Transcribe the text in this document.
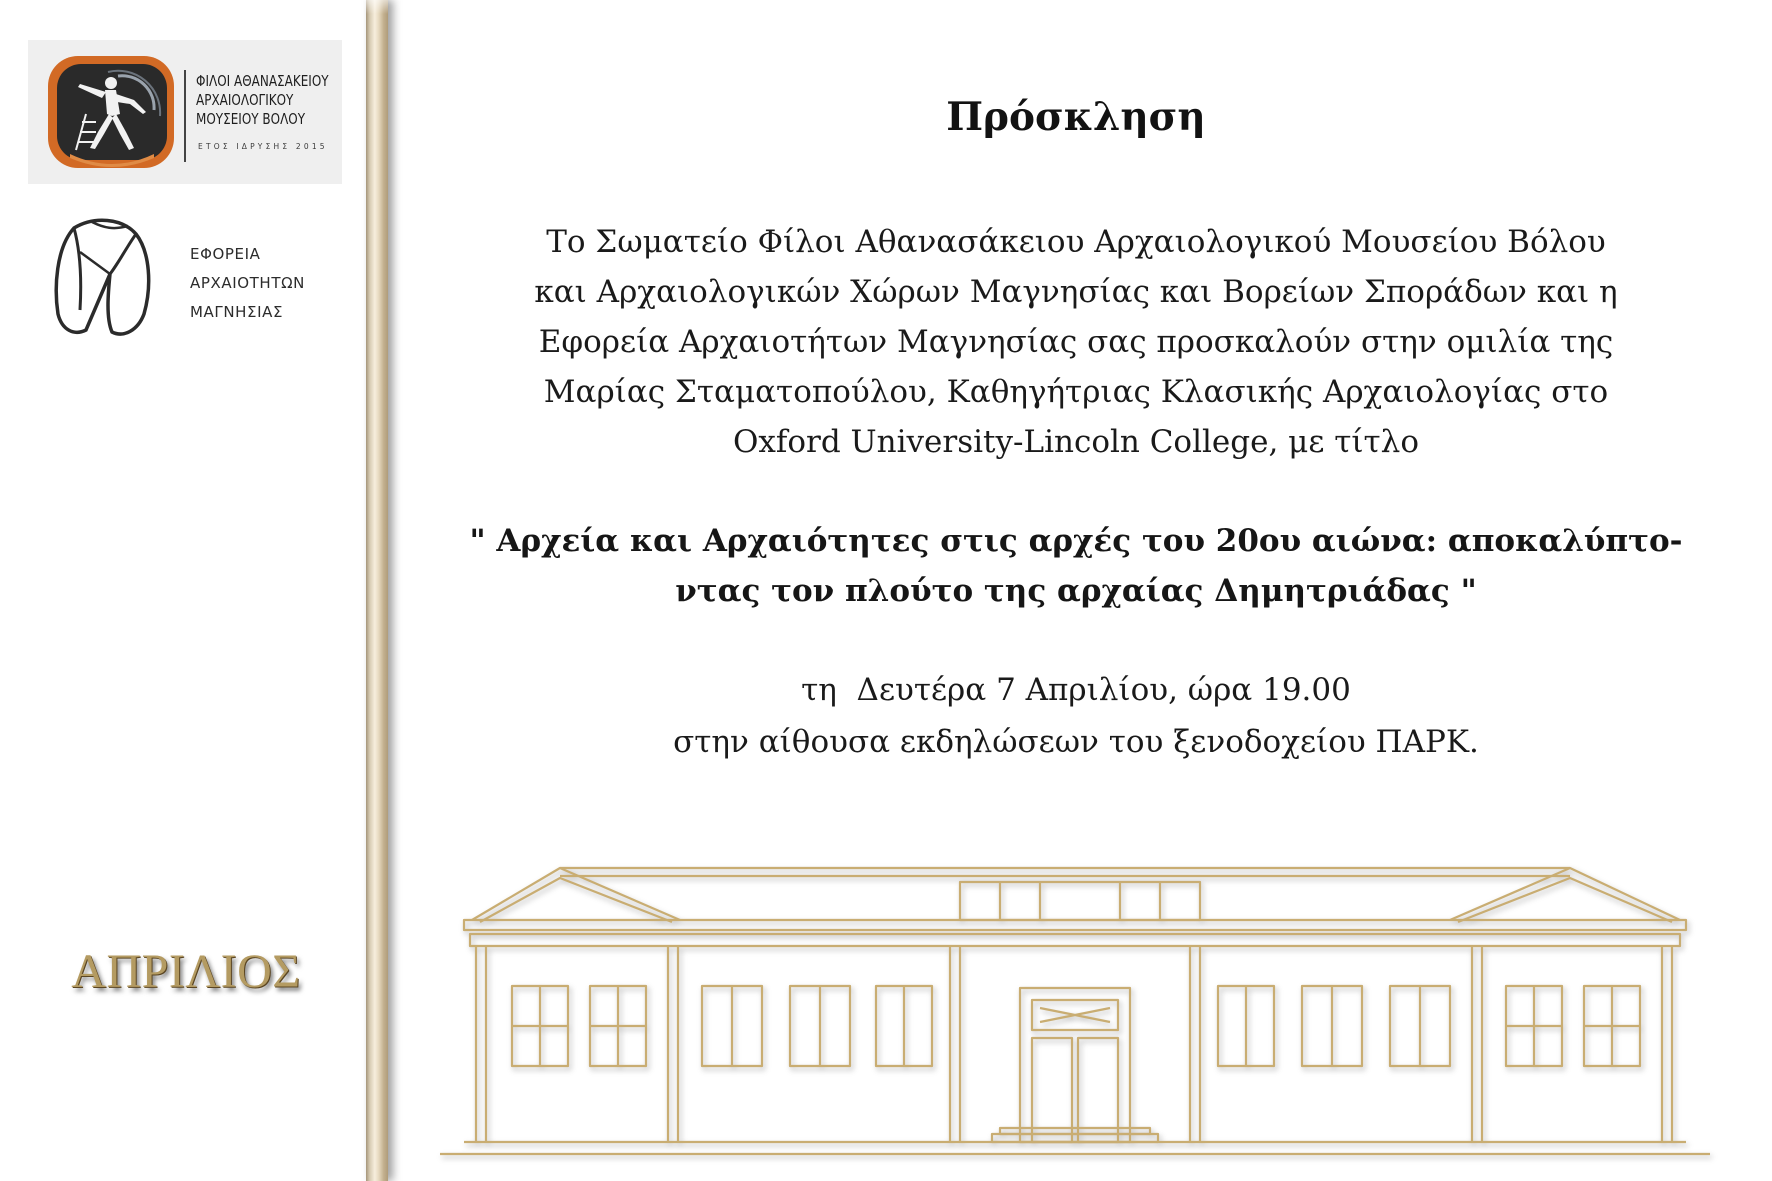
ΦΙΛΟΙ ΑΘΑΝΑΣΑΚΕΙΟΥ
ΑΡΧΑΙΟΛΟΓΙΚΟΥ
ΜΟΥΣΕΙΟΥ ΒΟΛΟΥ
ΕΤΟΣ ΙΔΡΥΣΗΣ 2015
ΕΦΟΡΕΙΑ
ΑΡΧΑΙΟΤΗΤΩΝ
ΜΑΓΝΗΣΙΑΣ
ΑΠΡΙΛΙΟΣ
Πρόσκληση
Το Σωματείο Φίλοι Αθανασάκειου Αρχαιολογικού Μουσείου Βόλου
και Αρχαιολογικών Χώρων Μαγνησίας και Βορείων Σποράδων και η
Εφορεία Αρχαιοτήτων Μαγνησίας σας προσκαλούν στην ομιλία της
Μαρίας Σταματοπούλου, Καθηγήτριας Κλασικής Αρχαιολογίας στο
Oxford University-Lincoln College, με τίτλο
" Αρχεία και Αρχαιότητες στις αρχές του 20ου αιώνα: αποκαλύπτο-
ντας τον πλούτο της αρχαίας Δημητριάδας "
τη  Δευτέρα 7 Απριλίου, ώρα 19.00
στην αίθουσα εκδηλώσεων του ξενοδοχείου ΠΑΡΚ.
